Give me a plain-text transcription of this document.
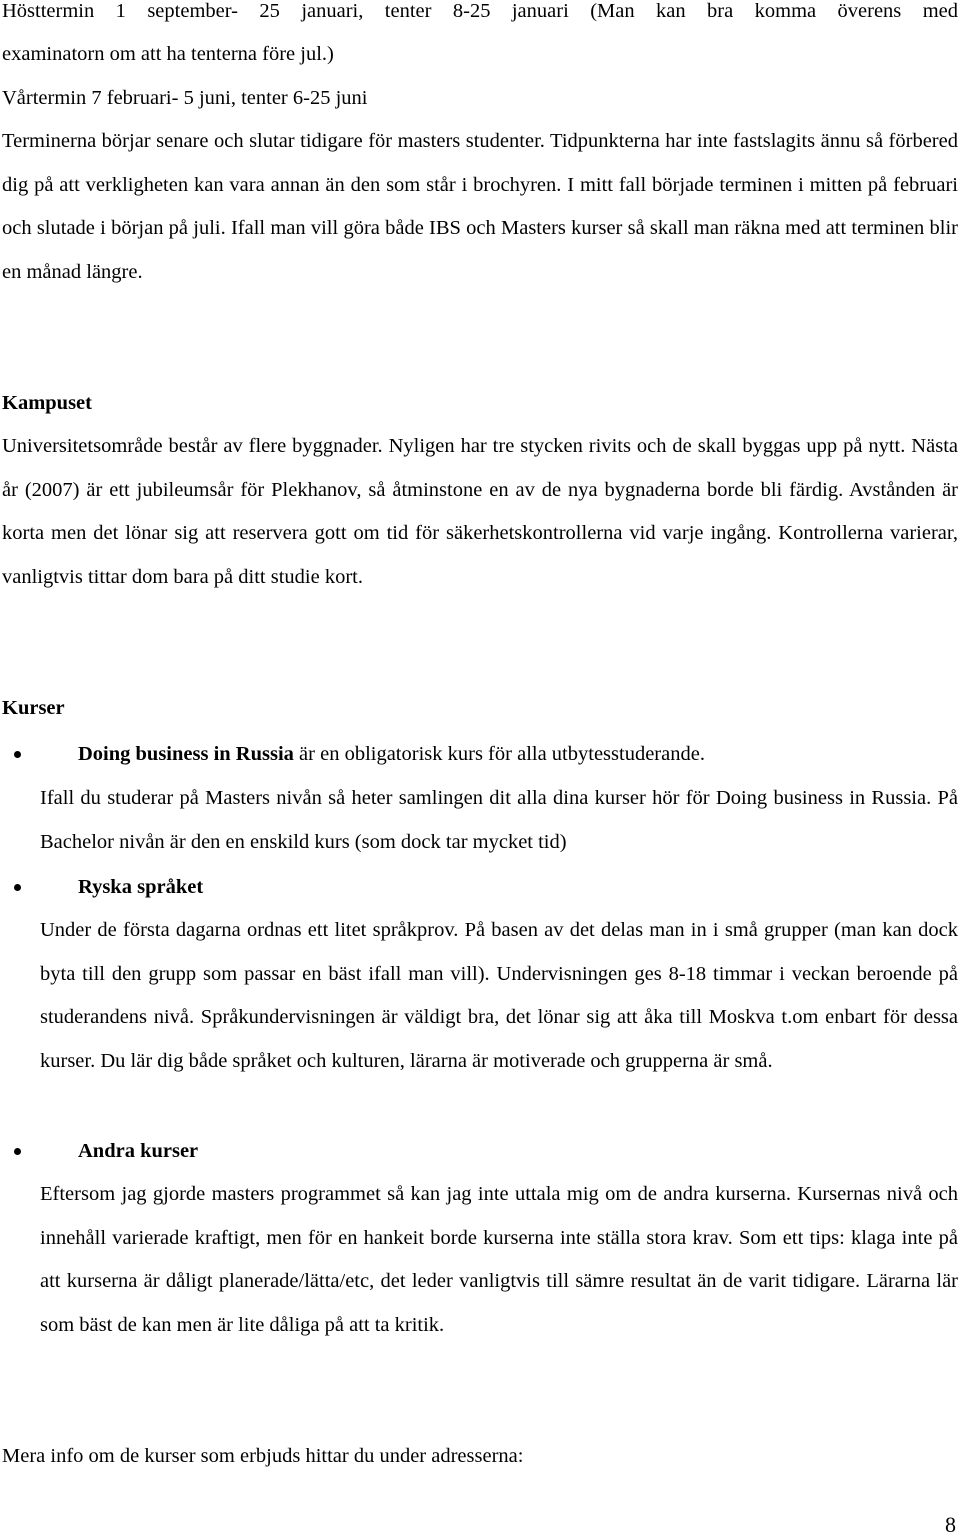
Hösttermin 1 september- 25 januari, tenter 8-25 januari (Man kan bra komma överens med
examinatorn om att ha tenterna före jul.)
Vårtermin 7 februari- 5 juni, tenter 6-25 juni
Terminerna börjar senare och slutar tidigare för masters studenter. Tidpunkterna har inte fastslagits ännu så förbered dig på att verkligheten kan vara annan än den som står i brochyren. I mitt fall började terminen i mitten på februari och slutade i början på juli. Ifall man vill göra både IBS och Masters kurser så skall man räkna med att terminen blir en månad längre.
Kampuset
Universitetsområde består av flere byggnader. Nyligen har tre stycken rivits och de skall byggas upp på nytt. Nästa år (2007) är ett jubileumsår för Plekhanov, så åtminstone en av de nya bygnaderna borde bli färdig. Avstånden är korta men det lönar sig att reservera gott om tid för säkerhetskontrollerna vid varje ingång. Kontrollerna varierar, vanligtvis tittar dom bara på ditt studie kort.
Kurser
Doing business in Russia är en obligatorisk kurs för alla utbytesstuderande.
Ifall du studerar på Masters nivån så heter samlingen dit alla dina kurser hör för Doing business in Russia. På Bachelor nivån är den en enskild kurs (som dock tar mycket tid)
Ryska språket
Under de första dagarna ordnas ett litet språkprov. På basen av det delas man in i små grupper (man kan dock byta till den grupp som passar en bäst ifall man vill). Undervisningen ges 8-18 timmar i veckan beroende på studerandens nivå. Språkundervisningen är väldigt bra, det lönar sig att åka till Moskva t.om enbart för dessa kurser. Du lär dig både språket och kulturen, lärarna är motiverade och grupperna är små.
Andra kurser
Eftersom jag gjorde masters programmet så kan jag inte uttala mig om de andra kurserna. Kursernas nivå och innehåll varierade kraftigt, men för en hankeit borde kurserna inte ställa stora krav. Som ett tips: klaga inte på att kurserna är dåligt planerade/lätta/etc, det leder vanligtvis till sämre resultat än de varit tidigare. Lärarna lär som bäst de kan men är lite dåliga på att ta kritik.
Mera info om de kurser som erbjuds hittar du under adresserna:
8
